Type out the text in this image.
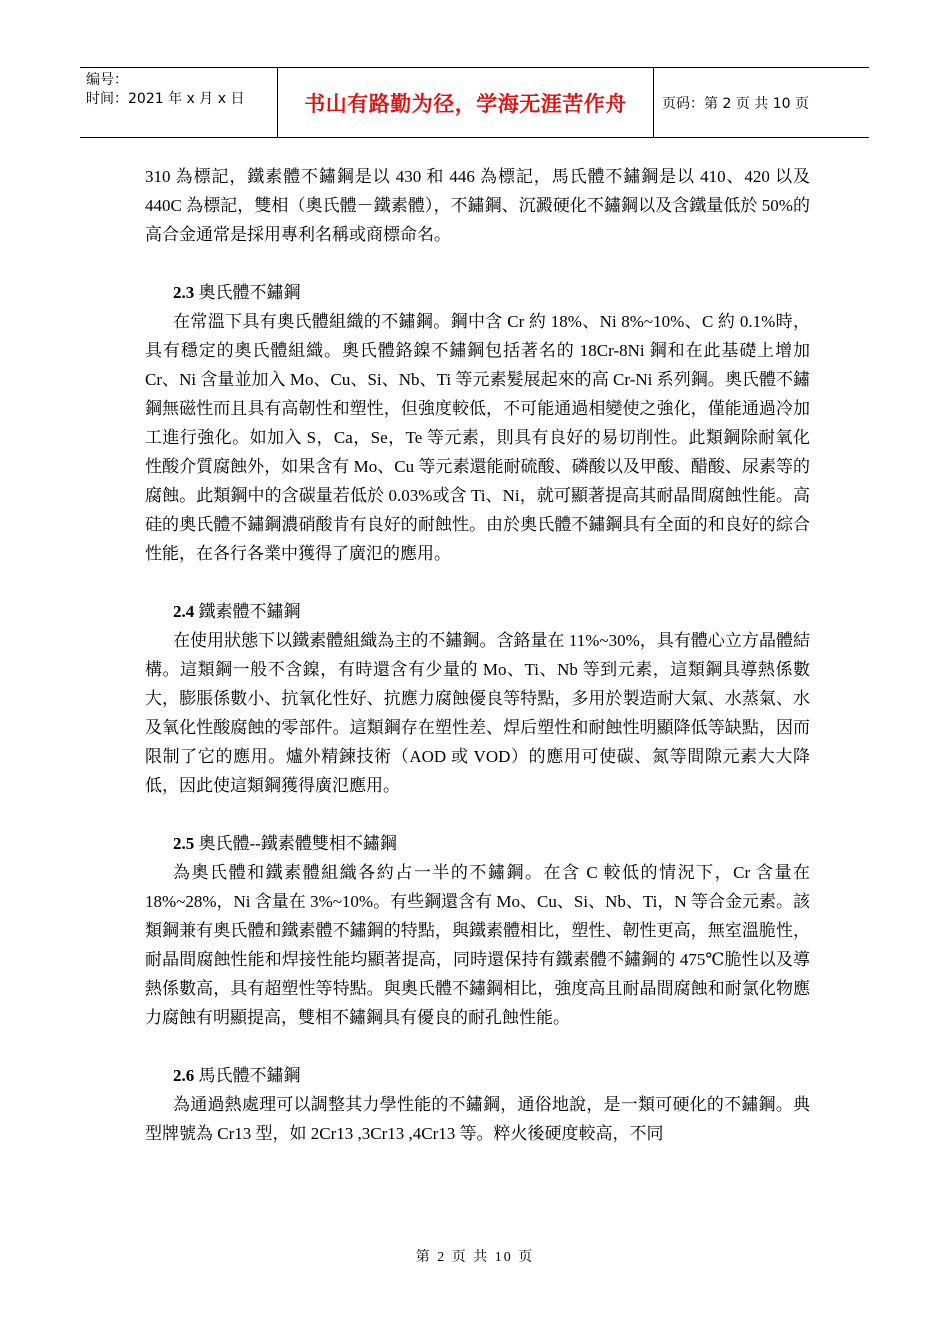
编号：
时间：2021 年 x 月 x 日	书山有路勤为径，学海无涯苦作舟	页码：第 2 页 共 10 页

310 為標記，鐵素體不鏽鋼是以 430 和 446 為標記，馬氏體不鏽鋼是以 410、420 以及 440C 為標記，雙相（奧氏體－鐵素體），不鏽鋼、沉澱硬化不鏽鋼以及含鐵量低於 50%的高合金通常是採用專利名稱或商標命名。

2.3 奧氏體不鏽鋼

在常溫下具有奧氏體組織的不鏽鋼。鋼中含 Cr 約 18%、Ni 8%~10%、C 約 0.1%時，具有穩定的奧氏體組織。奧氏體鉻鎳不鏽鋼包括著名的 18Cr-8Ni 鋼和在此基礎上增加 Cr、Ni 含量並加入 Mo、Cu、Si、Nb、Ti 等元素髮展起來的高 Cr-Ni 系列鋼。奧氏體不鏽鋼無磁性而且具有高韌性和塑性，但強度較低，不可能通過相變使之強化，僅能通過冷加工進行強化。如加入 S，Ca，Se，Te 等元素，則具有良好的易切削性。此類鋼除耐氧化性酸介質腐蝕外，如果含有 Mo、Cu 等元素還能耐硫酸、磷酸以及甲酸、醋酸、尿素等的腐蝕。此類鋼中的含碳量若低於 0.03%或含 Ti、Ni，就可顯著提高其耐晶間腐蝕性能。高硅的奧氏體不鏽鋼濃硝酸肯有良好的耐蝕性。由於奧氏體不鏽鋼具有全面的和良好的綜合性能，在各行各業中獲得了廣氾的應用。

2.4 鐵素體不鏽鋼

在使用狀態下以鐵素體組織為主的不鏽鋼。含鉻量在 11%~30%，具有體心立方晶體結構。這類鋼一般不含鎳，有時還含有少量的 Mo、Ti、Nb 等到元素，這類鋼具導熱係數大，膨脹係數小、抗氧化性好、抗應力腐蝕優良等特點，多用於製造耐大氣、水蒸氣、水及氧化性酸腐蝕的零部件。這類鋼存在塑性差、焊后塑性和耐蝕性明顯降低等缺點，因而限制了它的應用。爐外精鍊技術（AOD 或 VOD）的應用可使碳、氮等間隙元素大大降低，因此使這類鋼獲得廣氾應用。

2.5 奧氏體--鐵素體雙相不鏽鋼

為奧氏體和鐵素體組織各約占一半的不鏽鋼。在含 C 較低的情況下，Cr 含量在 18%~28%，Ni 含量在 3%~10%。有些鋼還含有 Mo、Cu、Si、Nb、Ti，N 等合金元素。該類鋼兼有奧氏體和鐵素體不鏽鋼的特點，與鐵素體相比，塑性、韌性更高，無室溫脆性，耐晶間腐蝕性能和焊接性能均顯著提高，同時還保持有鐵素體不鏽鋼的 475℃脆性以及導熱係數高，具有超塑性等特點。與奧氏體不鏽鋼相比，強度高且耐晶間腐蝕和耐氯化物應力腐蝕有明顯提高，雙相不鏽鋼具有優良的耐孔蝕性能。

2.6 馬氏體不鏽鋼

為通過熱處理可以調整其力學性能的不鏽鋼，通俗地說，是一類可硬化的不鏽鋼。典型牌號為 Cr13 型，如 2Cr13 ,3Cr13 ,4Cr13 等。粹火後硬度較高，不同

第 2 页 共 10 页
